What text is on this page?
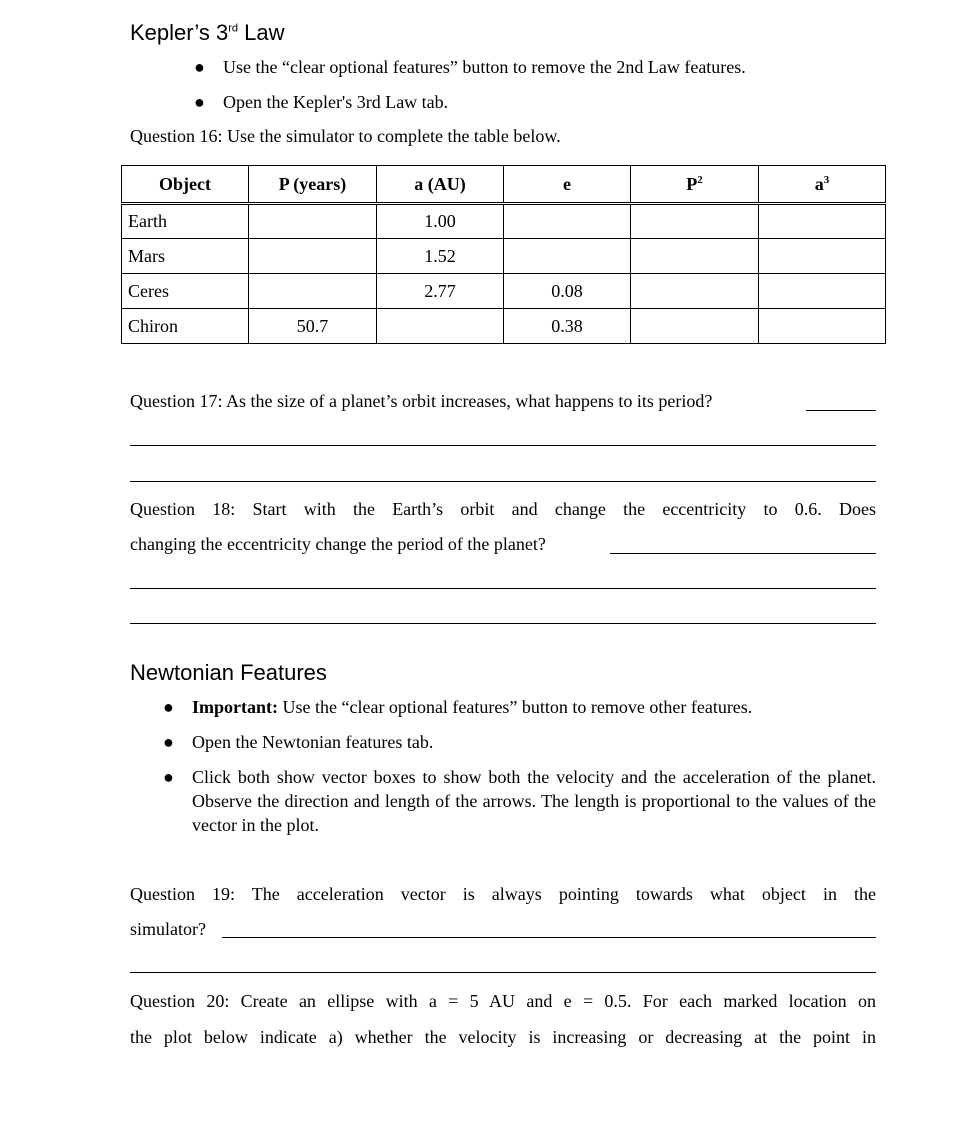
Kepler’s 3rd Law
● Use the “clear optional features” button to remove the 2nd Law features.
● Open the Kepler's 3rd Law tab.
Question 16: Use the simulator to complete the table below.
Object	P (years)	a (AU)	e	$P^2$	$a^3$
Earth		1.00			
Mars		1.52			
Ceres		2.77	0.08		
Chiron	50.7		0.38		
Question 17: As the size of a planet’s orbit increases, what happens to its period?
Question 18: Start with the Earth’s orbit and change the eccentricity to 0.6. Does
changing the eccentricity change the period of the planet?
Newtonian Features
● Important: Use the “clear optional features” button to remove other features.
● Open the Newtonian features tab.
● Click both show vector boxes to show both the velocity and the acceleration of the planet. Observe the direction and length of the arrows. The length is proportional to the values of the vector in the plot.
Question 19: The acceleration vector is always pointing towards what object in the
simulator?
Question 20: Create an ellipse with a = 5 AU and e = 0.5. For each marked location on
the plot below indicate a) whether the velocity is increasing or decreasing at the point in
